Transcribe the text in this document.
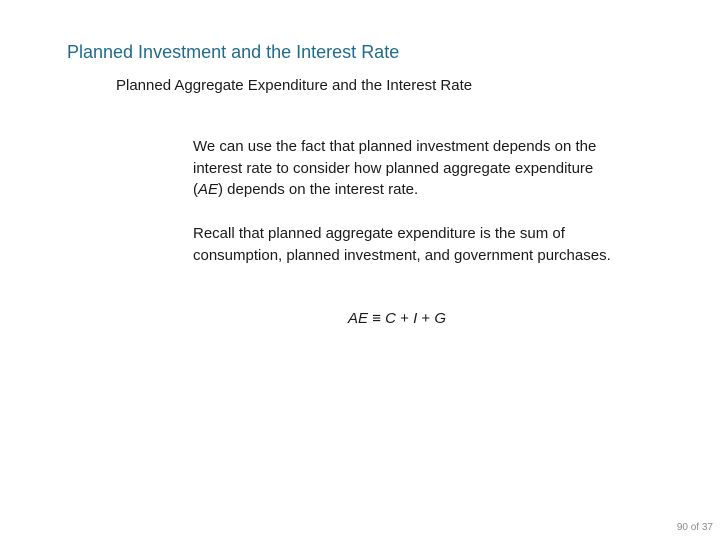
Planned Investment and the Interest Rate
Planned Aggregate Expenditure and the Interest Rate
We can use the fact that planned investment depends on the interest rate to consider how planned aggregate expenditure (AE) depends on the interest rate.
Recall that planned aggregate expenditure is the sum of consumption, planned investment, and government purchases.
AE ≡ C + I + G
90 of 37
